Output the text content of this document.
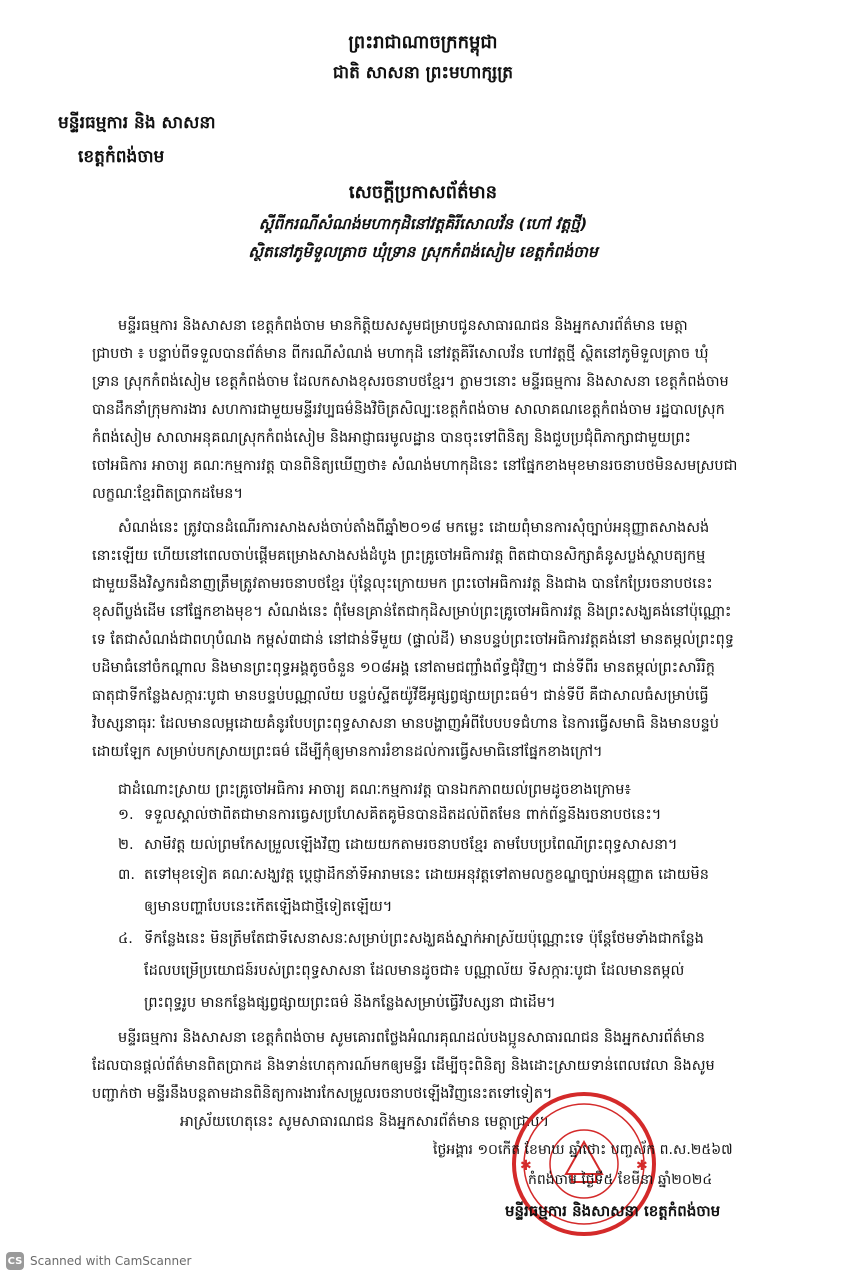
ព្រះរាជាណាចក្រកម្ពុជា
ជាតិ សាសនា ព្រះមហាក្សត្រ
មន្ទីរធម្មការ និង សាសនា
ខេត្តកំពង់ចាម
សេចក្ដីប្រកាសព័ត៌មាន
ស្ដីពីករណីសំណង់មហាកុដិនៅវត្តគិរីសោលវ័ន (ហៅ វត្តថ្មី)
ស្ថិតនៅភូមិទួលត្រាច ឃុំទ្រាន ស្រុកកំពង់សៀម ខេត្តកំពង់ចាម
មន្ទីរធម្មការ និងសាសនា ខេត្តកំពង់ចាម មានកិត្តិយសសូមជម្រាបជូនសាធារណជន និងអ្នកសារព័ត៌មាន មេត្តា
ជ្រាបថា ៖ បន្ទាប់ពីទទួលបានព័ត៌មាន ពីករណីសំណង់ មហាកុដិ នៅវត្តគិរីសោលវ័ន ហៅវត្តថ្មី ស្ថិតនៅភូមិទួលត្រាច ឃុំ
ទ្រាន ស្រុកកំពង់សៀម ខេត្តកំពង់ចាម ដែលកសាងខុសរចនាបថខ្មែរ។ ភ្លាមៗនោះ មន្ទីរធម្មការ និងសាសនា ខេត្តកំពង់ចាម
បានដឹកនាំក្រុមការងារ សហការជាមួយមន្ទីរវប្បធម៌និងវិចិត្រសិល្បៈខេត្តកំពង់ចាម សាលាគណខេត្តកំពង់ចាម រដ្ឋបាលស្រុក
កំពង់សៀម សាលាអនុគណស្រុកកំពង់សៀម និងអាជ្ញាធរមូលដ្ឋាន បានចុះទៅពិនិត្យ និងជួបប្រជុំពិភាក្សាជាមួយព្រះ
ចៅអធិការ អាចារ្យ គណៈកម្មការវត្ត បានពិនិត្យឃើញថា៖ សំណង់មហាកុដិនេះ នៅផ្នែកខាងមុខមានរចនាបថមិនសមស្របជា
លក្ខណៈខ្មែរពិតប្រាកដមែន។
សំណង់នេះ ត្រូវបានដំណើរការសាងសង់ចាប់តាំងពីឆ្នាំ២០១៨ មកម្លេះ ដោយពុំមានការសុំច្បាប់អនុញ្ញាតសាងសង់
នោះឡើយ ហើយនៅពេលចាប់ផ្ដើមគម្រោងសាងសង់ដំបូង ព្រះគ្រូចៅអធិការវត្ត ពិតជាបានសិក្សាគំនូសប្លង់ស្ថាបត្យកម្ម
ជាមួយនឹងវិស្វករជំនាញត្រឹមត្រូវតាមរចនាបថខ្មែរ ប៉ុន្តែលុះក្រោយមក ព្រះចៅអធិការវត្ត និងជាង បានកែប្រែរចនាបថនេះ
ខុសពីប្លង់ដើម នៅផ្នែកខាងមុខ។ សំណង់នេះ ពុំមែនគ្រាន់តែជាកុដិសម្រាប់ព្រះគ្រូចៅអធិការវត្ត និងព្រះសង្ឃគង់នៅប៉ុណ្ណោះ
ទេ តែជាសំណង់ជាពហុបំណង កម្ពស់៣ជាន់ នៅជាន់ទីមួយ (ផ្ទាល់ដី) មានបន្ទប់ព្រះចៅអធិការវត្តគង់នៅ មានតម្កល់ព្រះពុទ្ធ
បដិមាធំនៅចំកណ្ដាល និងមានព្រះពុទ្ធអង្គតូចចំនួន ១០៨អង្គ នៅតាមជញ្ជាំងព័ទ្ធជុំវិញ។ ជាន់ទីពីរ មានតម្កល់ព្រះសារីរិក្ត
ធាតុជាទីកន្លែងសក្ការៈបូជា មានបន្ទប់បណ្ណាល័យ បន្ទប់ស្ទីតយ៉ូវីឌីអូផ្សព្វផ្សាយព្រះធម៌។ ជាន់ទីបី គឺជាសាលធំសម្រាប់ធ្វើ
វិបស្សនាធុរៈ ដែលមានលម្អដោយគំនូរបែបព្រះពុទ្ធសាសនា មានបង្ហាញអំពីបែបបទជំហាន នៃការធ្វើសមាធិ និងមានបន្ទប់
ដោយឡែក សម្រាប់បកស្រាយព្រះធម៌ ដើម្បីកុំឲ្យមានការរំខានដល់ការធ្វើសមាធិនៅផ្នែកខាងក្រៅ។
ជាដំណោះស្រាយ ព្រះគ្រូចៅអធិការ អាចារ្យ គណៈកម្មការវត្ត បានឯកភាពយល់ព្រមដូចខាងក្រោម៖
១. ទទួលស្គាល់ថាពិតជាមានការធ្វេសប្រហែសគិតគូមិនបានដិតដល់ពិតមែន ពាក់ព័ន្ធនឹងរចនាបថនេះ។
២. សាមីវត្ត យល់ព្រមកែសម្រួលឡើងវិញ ដោយយកតាមរចនាបថខ្មែរ តាមបែបប្រពៃណីព្រះពុទ្ធសាសនា។
៣. តទៅមុខទៀត គណៈសង្ឃវត្ត ប្ដេជ្ញាដឹកនាំទីអារាមនេះ ដោយអនុវត្តទៅតាមលក្ខខណ្ឌច្បាប់អនុញ្ញាត ដោយមិន
ឲ្យមានបញ្ហាបែបនេះកើតឡើងជាថ្មីទៀតឡើយ។
៤. ទីកន្លែងនេះ មិនត្រឹមតែជាទីសេនាសនៈសម្រាប់ព្រះសង្ឃគង់ស្នាក់អាស្រ័យប៉ុណ្ណោះទេ ប៉ុន្តែថែមទាំងជាកន្លែង
ដែលបម្រើប្រយោជន៍របស់ព្រះពុទ្ធសាសនា ដែលមានដូចជា៖ បណ្ណាល័យ ទីសក្ការៈបូជា ដែលមានតម្កល់
ព្រះពុទ្ធរូប មានកន្លែងផ្សព្វផ្សាយព្រះធម៌ និងកន្លែងសម្រាប់ធ្វើវិបស្សនា ជាដើម។
មន្ទីរធម្មការ និងសាសនា ខេត្តកំពង់ចាម សូមគោរពថ្លែងអំណរគុណដល់បងប្អូនសាធារណជន និងអ្នកសារព័ត៌មាន
ដែលបានផ្ដល់ព័ត៌មានពិតប្រាកដ និងទាន់ហេតុការណ៍មកឲ្យមន្ទីរ ដើម្បីចុះពិនិត្យ និងដោះស្រាយទាន់ពេលវេលា និងសូម
បញ្ជាក់ថា មន្ទីរនឹងបន្តតាមដានពិនិត្យការងារកែសម្រួលរចនាបថឡើងវិញនេះតទៅទៀត។
អាស្រ័យហេតុនេះ សូមសាធារណជន និងអ្នកសារព័ត៌មាន មេត្តាជ្រាប។
✱	✱
ថ្ងៃអង្គារ ១០កើត ខែមាឃ ឆ្នាំថោះ បញ្ចស័ក ព.ស.២៥៦៧
កំពង់ចាម ថ្ងៃទី៥ ខែមីនា ឆ្នាំ២០២៤
មន្ទីរធម្មការ និងសាសនា ខេត្តកំពង់ចាម
CS Scanned with CamScanner
